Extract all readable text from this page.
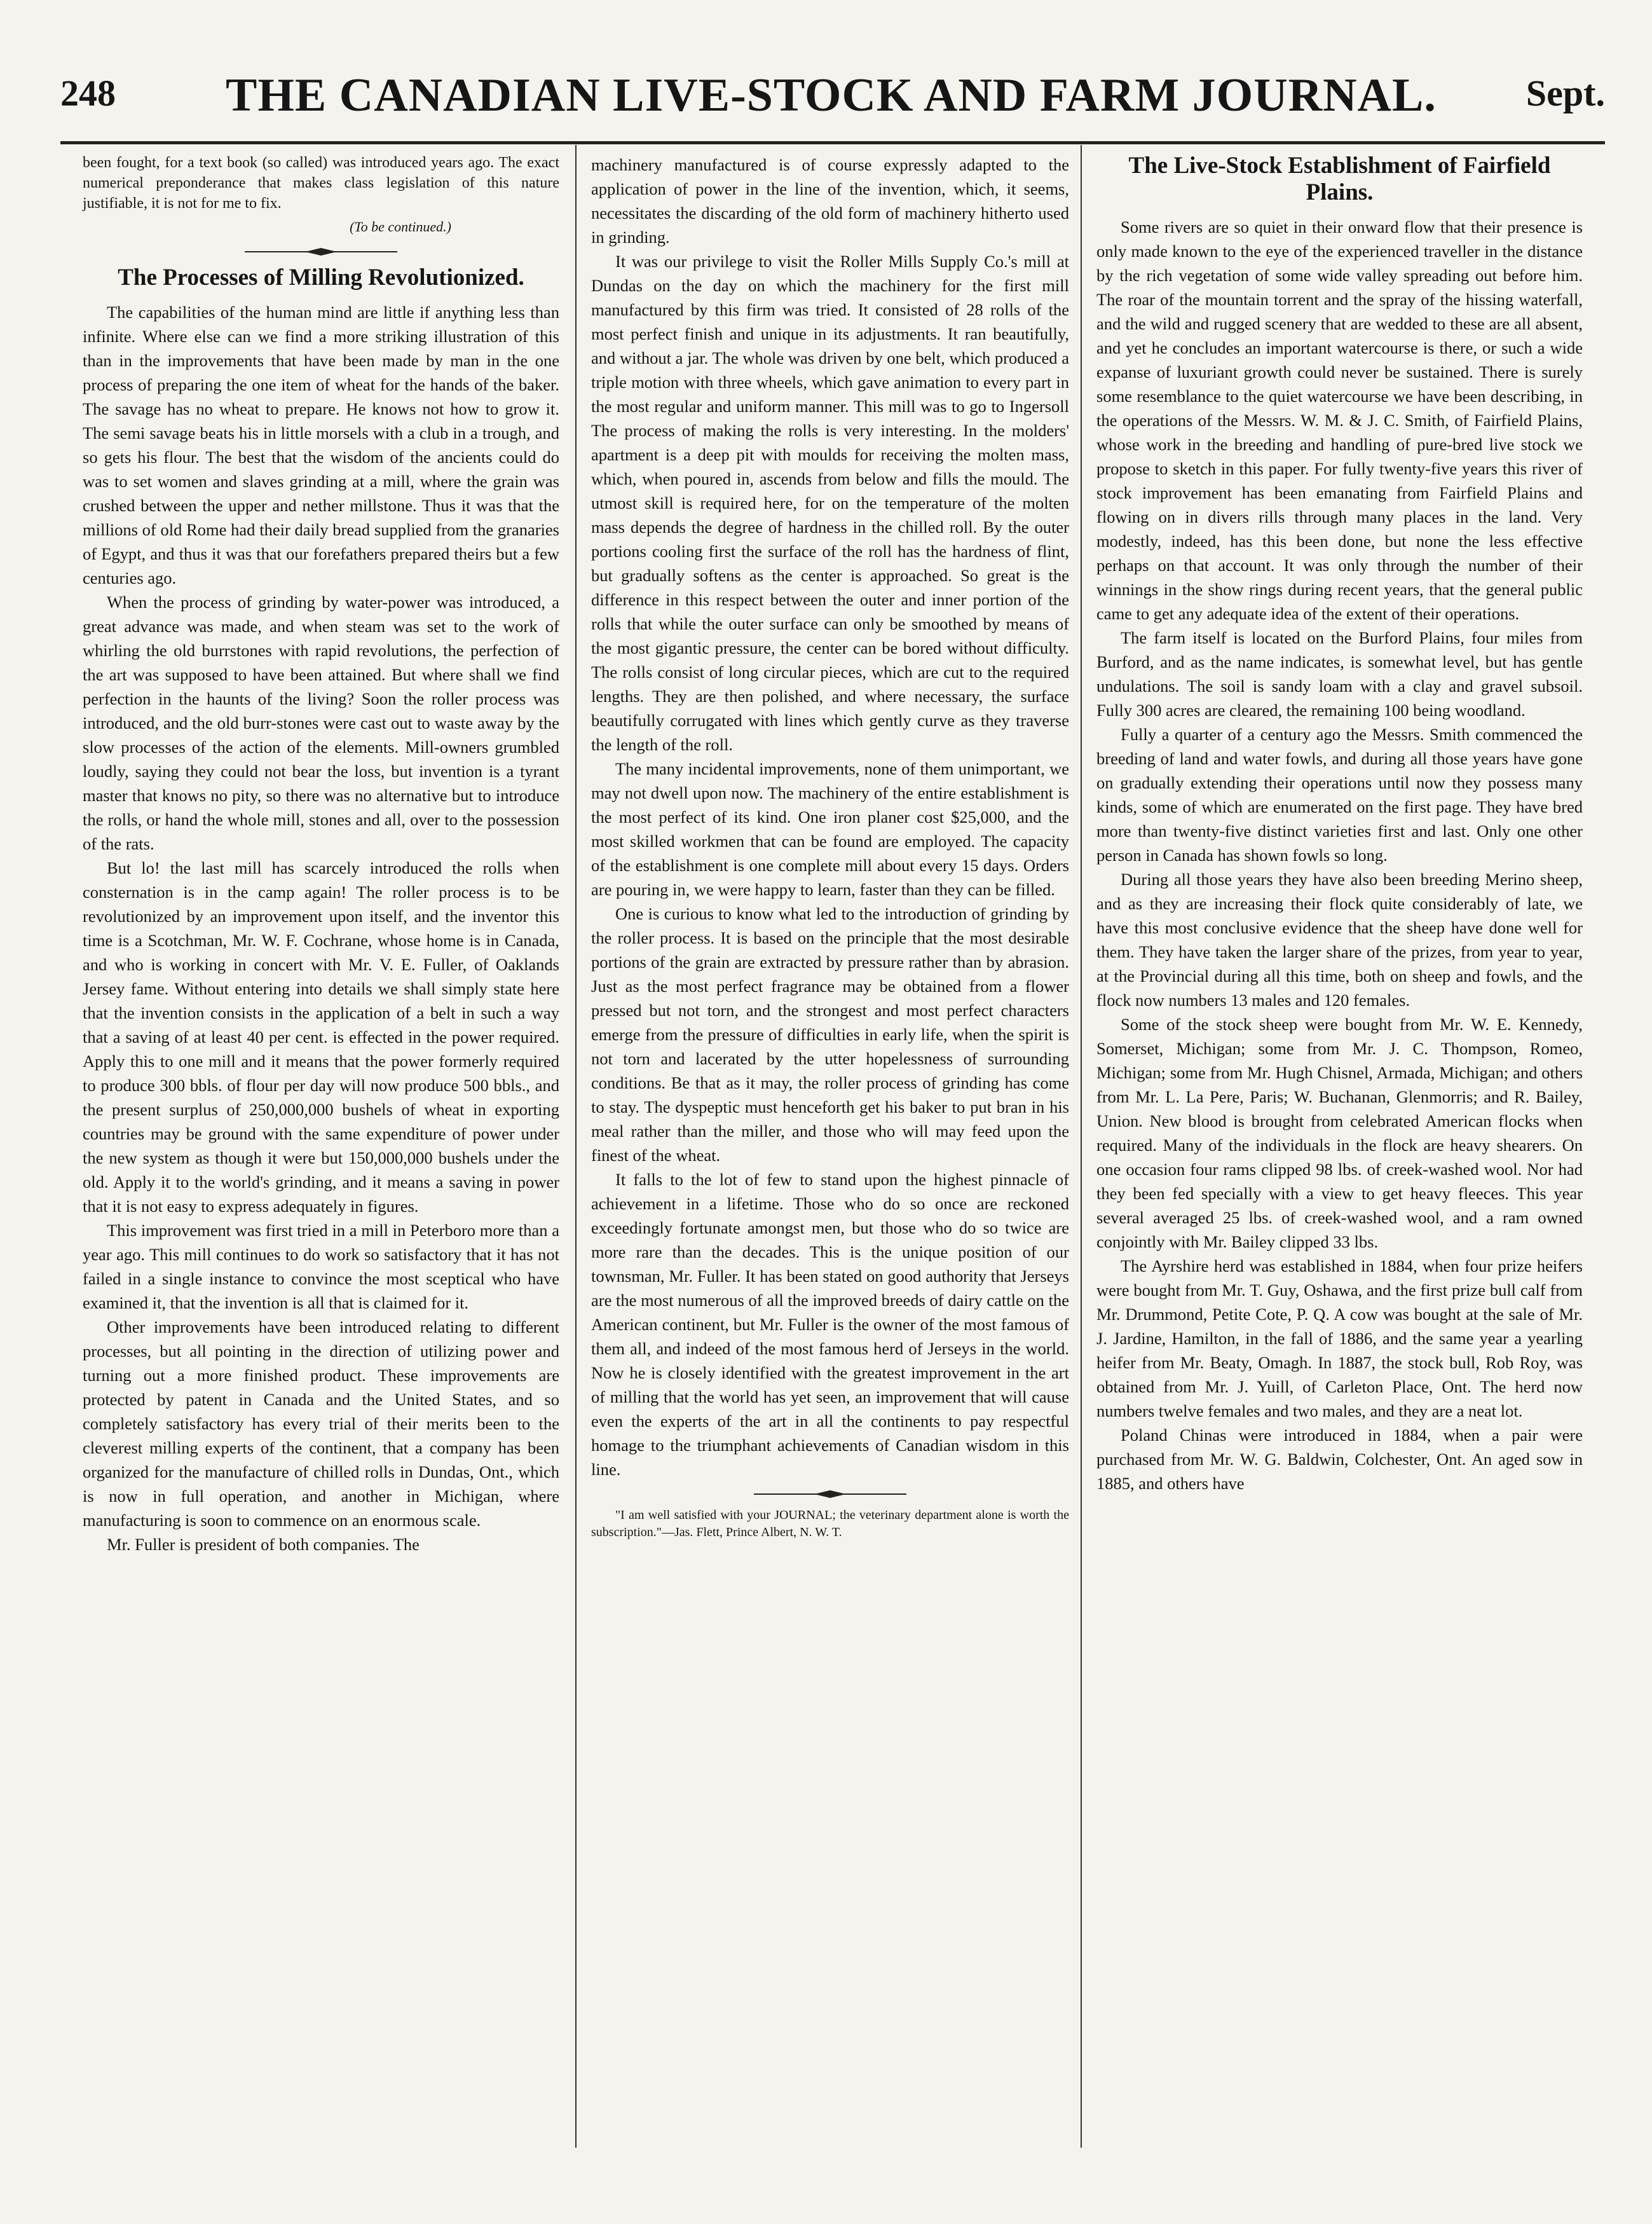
248 THE CANADIAN LIVE-STOCK AND FARM JOURNAL. Sept.

been fought, for a text book (so called) was introduced years ago. The exact numerical preponderance that makes class legislation of this nature justifiable, it is not for me to fix.

(To be continued.)
The Processes of Milling Revolutionized.

The capabilities of the human mind are little if anything less than infinite. Where else can we find a more striking illustration of this than in the improvements that have been made by man in the one process of preparing the one item of wheat for the hands of the baker. The savage has no wheat to prepare. He knows not how to grow it. The semi savage beats his in little morsels with a club in a trough, and so gets his flour. The best that the wisdom of the ancients could do was to set women and slaves grinding at a mill, where the grain was crushed between the upper and nether millstone. Thus it was that the millions of old Rome had their daily bread supplied from the granaries of Egypt, and thus it was that our forefathers prepared theirs but a few centuries ago.

When the process of grinding by water-power was introduced, a great advance was made, and when steam was set to the work of whirling the old burrstones with rapid revolutions, the perfection of the art was supposed to have been attained. But where shall we find perfection in the haunts of the living? Soon the roller process was introduced, and the old burr-stones were cast out to waste away by the slow processes of the action of the elements. Mill-owners grumbled loudly, saying they could not bear the loss, but invention is a tyrant master that knows no pity, so there was no alternative but to introduce the rolls, or hand the whole mill, stones and all, over to the possession of the rats.

But lo! the last mill has scarcely introduced the rolls when consternation is in the camp again! The roller process is to be revolutionized by an improvement upon itself, and the inventor this time is a Scotchman, Mr. W. F. Cochrane, whose home is in Canada, and who is working in concert with Mr. V. E. Fuller, of Oaklands Jersey fame. Without entering into details we shall simply state here that the invention consists in the application of a belt in such a way that a saving of at least 40 per cent. is effected in the power required. Apply this to one mill and it means that the power formerly required to produce 300 bbls. of flour per day will now produce 500 bbls., and the present surplus of 250,000,000 bushels of wheat in exporting countries may be ground with the same expenditure of power under the new system as though it were but 150,000,000 bushels under the old. Apply it to the world's grinding, and it means a saving in power that it is not easy to express adequately in figures.

This improvement was first tried in a mill in Peterboro more than a year ago. This mill continues to do work so satisfactory that it has not failed in a single instance to convince the most sceptical who have examined it, that the invention is all that is claimed for it.

Other improvements have been introduced relating to different processes, but all pointing in the direction of utilizing power and turning out a more finished product. These improvements are protected by patent in Canada and the United States, and so completely satisfactory has every trial of their merits been to the cleverest milling experts of the continent, that a company has been organized for the manufacture of chilled rolls in Dundas, Ont., which is now in full operation, and another in Michigan, where manufacturing is soon to commence on an enormous scale.

Mr. Fuller is president of both companies. The

machinery manufactured is of course expressly adapted to the application of power in the line of the invention, which, it seems, necessitates the discarding of the old form of machinery hitherto used in grinding.

It was our privilege to visit the Roller Mills Supply Co.'s mill at Dundas on the day on which the machinery for the first mill manufactured by this firm was tried. It consisted of 28 rolls of the most perfect finish and unique in its adjustments. It ran beautifully, and without a jar. The whole was driven by one belt, which produced a triple motion with three wheels, which gave animation to every part in the most regular and uniform manner. This mill was to go to Ingersoll The process of making the rolls is very interesting. In the molders' apartment is a deep pit with moulds for receiving the molten mass, which, when poured in, ascends from below and fills the mould. The utmost skill is required here, for on the temperature of the molten mass depends the degree of hardness in the chilled roll. By the outer portions cooling first the surface of the roll has the hardness of flint, but gradually softens as the center is approached. So great is the difference in this respect between the outer and inner portion of the rolls that while the outer surface can only be smoothed by means of the most gigantic pressure, the center can be bored without difficulty. The rolls consist of long circular pieces, which are cut to the required lengths. They are then polished, and where necessary, the surface beautifully corrugated with lines which gently curve as they traverse the length of the roll.

The many incidental improvements, none of them unimportant, we may not dwell upon now. The machinery of the entire establishment is the most perfect of its kind. One iron planer cost $25,000, and the most skilled workmen that can be found are employed. The capacity of the establishment is one complete mill about every 15 days. Orders are pouring in, we were happy to learn, faster than they can be filled.

One is curious to know what led to the introduction of grinding by the roller process. It is based on the principle that the most desirable portions of the grain are extracted by pressure rather than by abrasion. Just as the most perfect fragrance may be obtained from a flower pressed but not torn, and the strongest and most perfect characters emerge from the pressure of difficulties in early life, when the spirit is not torn and lacerated by the utter hopelessness of surrounding conditions. Be that as it may, the roller process of grinding has come to stay. The dyspeptic must henceforth get his baker to put bran in his meal rather than the miller, and those who will may feed upon the finest of the wheat.

It falls to the lot of few to stand upon the highest pinnacle of achievement in a lifetime. Those who do so once are reckoned exceedingly fortunate amongst men, but those who do so twice are more rare than the decades. This is the unique position of our townsman, Mr. Fuller. It has been stated on good authority that Jerseys are the most numerous of all the improved breeds of dairy cattle on the American continent, but Mr. Fuller is the owner of the most famous of them all, and indeed of the most famous herd of Jerseys in the world. Now he is closely identified with the greatest improvement in the art of milling that the world has yet seen, an improvement that will cause even the experts of the art in all the continents to pay respectful homage to the triumphant achievements of Canadian wisdom in this line.

"I am well satisfied with your JOURNAL; the veterinary department alone is worth the subscription."—Jas. Flett, Prince Albert, N. W. T.

The Live-Stock Establishment of Fairfield Plains.

Some rivers are so quiet in their onward flow that their presence is only made known to the eye of the experienced traveller in the distance by the rich vegetation of some wide valley spreading out before him. The roar of the mountain torrent and the spray of the hissing waterfall, and the wild and rugged scenery that are wedded to these are all absent, and yet he concludes an important watercourse is there, or such a wide expanse of luxuriant growth could never be sustained. There is surely some resemblance to the quiet watercourse we have been describing, in the operations of the Messrs. W. M. & J. C. Smith, of Fairfield Plains, whose work in the breeding and handling of pure-bred live stock we propose to sketch in this paper. For fully twenty-five years this river of stock improvement has been emanating from Fairfield Plains and flowing on in divers rills through many places in the land. Very modestly, indeed, has this been done, but none the less effective perhaps on that account. It was only through the number of their winnings in the show rings during recent years, that the general public came to get any adequate idea of the extent of their operations.

The farm itself is located on the Burford Plains, four miles from Burford, and as the name indicates, is somewhat level, but has gentle undulations. The soil is sandy loam with a clay and gravel subsoil. Fully 300 acres are cleared, the remaining 100 being woodland.

Fully a quarter of a century ago the Messrs. Smith commenced the breeding of land and water fowls, and during all those years have gone on gradually extending their operations until now they possess many kinds, some of which are enumerated on the first page. They have bred more than twenty-five distinct varieties first and last. Only one other person in Canada has shown fowls so long.

During all those years they have also been breeding Merino sheep, and as they are increasing their flock quite considerably of late, we have this most conclusive evidence that the sheep have done well for them. They have taken the larger share of the prizes, from year to year, at the Provincial during all this time, both on sheep and fowls, and the flock now numbers 13 males and 120 females.

Some of the stock sheep were bought from Mr. W. E. Kennedy, Somerset, Michigan; some from Mr. J. C. Thompson, Romeo, Michigan; some from Mr. Hugh Chisnel, Armada, Michigan; and others from Mr. L. La Pere, Paris; W. Buchanan, Glenmorris; and R. Bailey, Union. New blood is brought from celebrated American flocks when required. Many of the individuals in the flock are heavy shearers. On one occasion four rams clipped 98 lbs. of creek-washed wool. Nor had they been fed specially with a view to get heavy fleeces. This year several averaged 25 lbs. of creek-washed wool, and a ram owned conjointly with Mr. Bailey clipped 33 lbs.

The Ayrshire herd was established in 1884, when four prize heifers were bought from Mr. T. Guy, Oshawa, and the first prize bull calf from Mr. Drummond, Petite Cote, P. Q. A cow was bought at the sale of Mr. J. Jardine, Hamilton, in the fall of 1886, and the same year a yearling heifer from Mr. Beaty, Omagh. In 1887, the stock bull, Rob Roy, was obtained from Mr. J. Yuill, of Carleton Place, Ont. The herd now numbers twelve females and two males, and they are a neat lot.

Poland Chinas were introduced in 1884, when a pair were purchased from Mr. W. G. Baldwin, Colchester, Ont. An aged sow in 1885, and others have
